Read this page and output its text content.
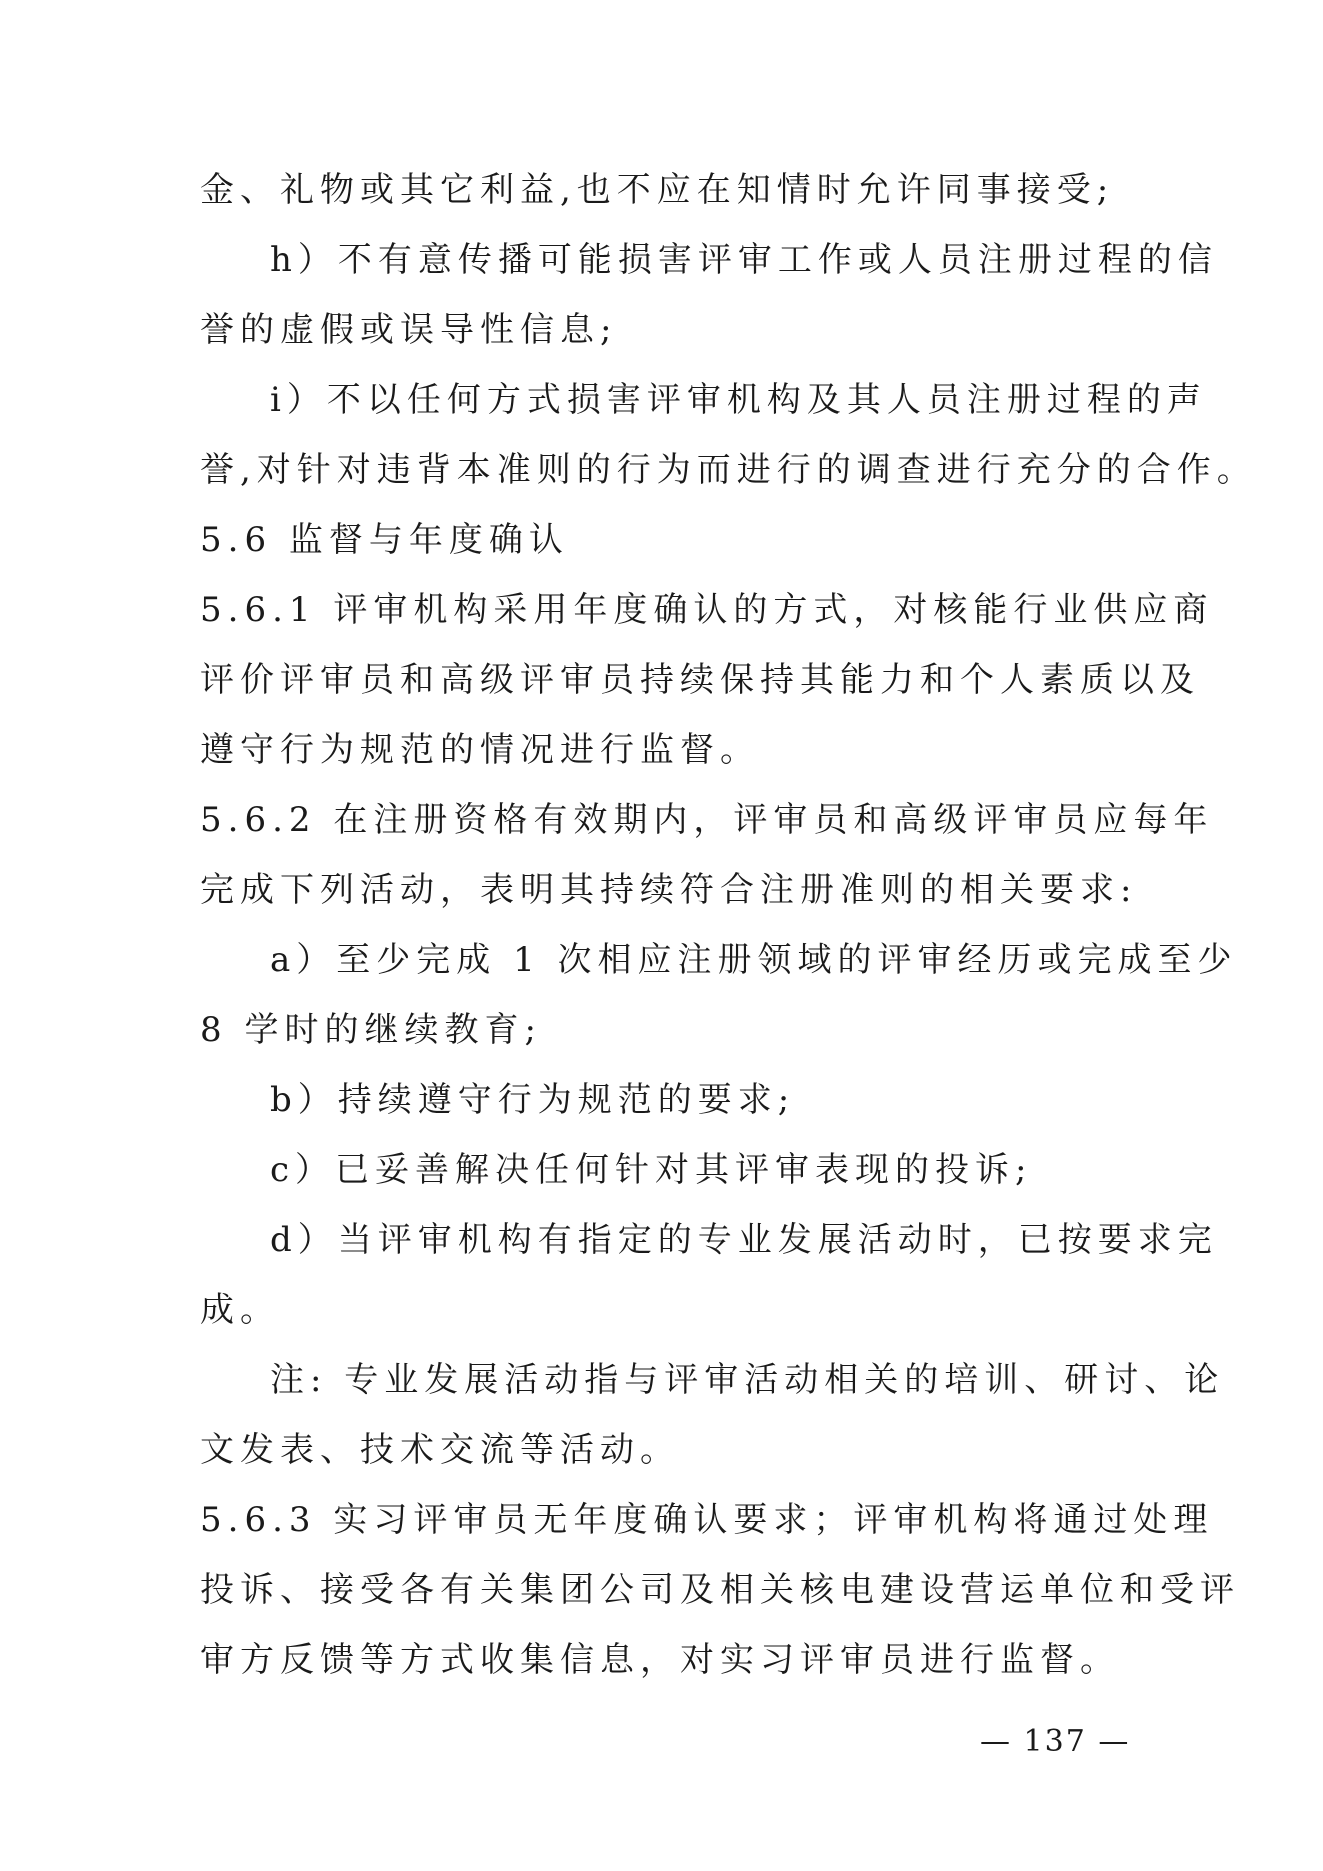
金、礼物或其它利益,也不应在知情时允许同事接受;
h）不有意传播可能损害评审工作或人员注册过程的信
誉的虚假或误导性信息;
i）不以任何方式损害评审机构及其人员注册过程的声
誉,对针对违背本准则的行为而进行的调查进行充分的合作。
5.6 监督与年度确认
5.6.1 评审机构采用年度确认的方式，对核能行业供应商
评价评审员和高级评审员持续保持其能力和个人素质以及
遵守行为规范的情况进行监督。
5.6.2 在注册资格有效期内，评审员和高级评审员应每年
完成下列活动，表明其持续符合注册准则的相关要求:
a）至少完成 1 次相应注册领域的评审经历或完成至少
8 学时的继续教育;
b）持续遵守行为规范的要求;
c）已妥善解决任何针对其评审表现的投诉;
d）当评审机构有指定的专业发展活动时，已按要求完
成。
注: 专业发展活动指与评审活动相关的培训、研讨、论
文发表、技术交流等活动。
5.6.3 实习评审员无年度确认要求；评审机构将通过处理
投诉、接受各有关集团公司及相关核电建设营运单位和受评
审方反馈等方式收集信息，对实习评审员进行监督。
— 137 —
